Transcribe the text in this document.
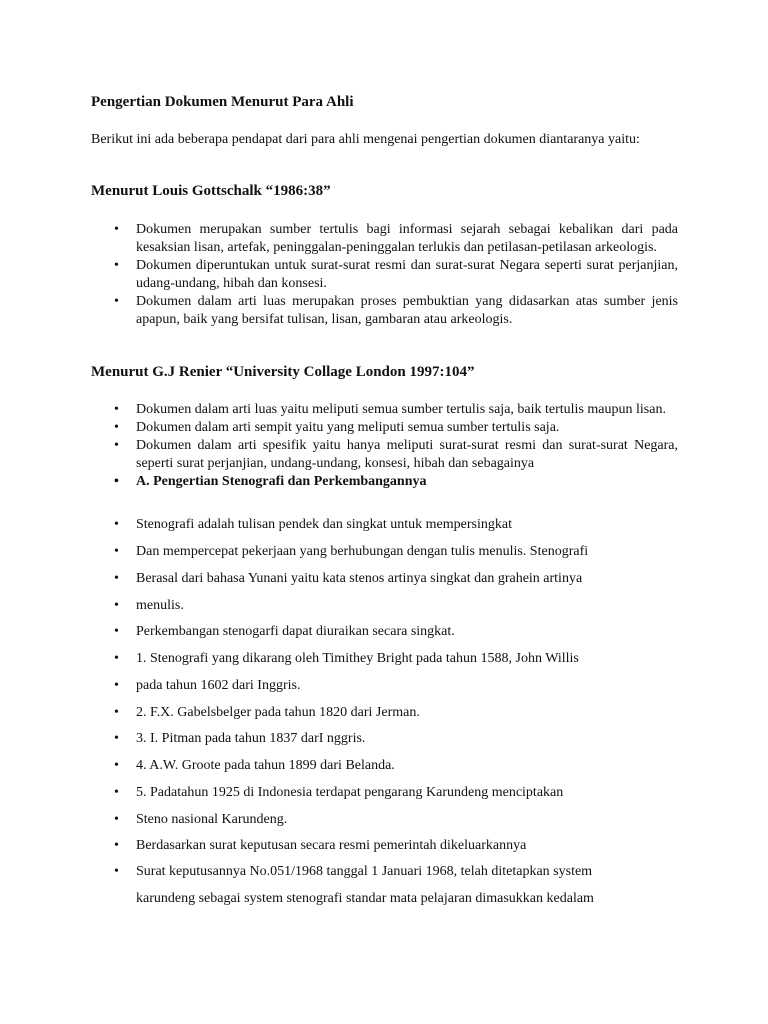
Pengertian Dokumen Menurut Para Ahli

Berikut ini ada beberapa pendapat dari para ahli mengenai pengertian dokumen diantaranya yaitu:

Menurut Louis Gottschalk “1986:38”
• Dokumen merupakan sumber tertulis bagi informasi sejarah sebagai kebalikan dari pada kesaksian lisan, artefak, peninggalan-peninggalan terlukis dan petilasan-petilasan arkeologis.
• Dokumen diperuntukan untuk surat-surat resmi dan surat-surat Negara seperti surat perjanjian, udang-undang, hibah dan konsesi.
• Dokumen dalam arti luas merupakan proses pembuktian yang didasarkan atas sumber jenis apapun, baik yang bersifat tulisan, lisan, gambaran atau arkeologis.
Menurut G.J Renier “University Collage London 1997:104”
• Dokumen dalam arti luas yaitu meliputi semua sumber tertulis saja, baik tertulis maupun lisan.
• Dokumen dalam arti sempit yaitu yang meliputi semua sumber tertulis saja.
• Dokumen dalam arti spesifik yaitu hanya meliputi surat-surat resmi dan surat-surat Negara, seperti surat perjanjian, undang-undang, konsesi, hibah dan sebagainya
• A. Pengertian Stenografi dan Perkembangannya
• Stenografi adalah tulisan pendek dan singkat untuk mempersingkat
• Dan mempercepat pekerjaan yang berhubungan dengan tulis menulis. Stenografi
• Berasal dari bahasa Yunani yaitu kata stenos artinya singkat dan grahein artinya
• menulis.
• Perkembangan stenogarfi dapat diuraikan secara singkat.
• 1. Stenografi yang dikarang oleh Timithey Bright pada tahun 1588, John Willis
• pada tahun 1602 dari Inggris.
• 2. F.X. Gabelsbelger pada tahun 1820 dari Jerman.
• 3. I. Pitman pada tahun 1837 darI nggris.
• 4. A.W. Groote pada tahun 1899 dari Belanda.
• 5. Padatahun 1925 di Indonesia terdapat pengarang Karundeng menciptakan
• Steno nasional Karundeng.
• Berdasarkan surat keputusan secara resmi pemerintah dikeluarkannya
• Surat keputusannya No.051/1968 tanggal 1 Januari 1968, telah ditetapkan system
karundeng sebagai system stenografi standar mata pelajaran dimasukkan kedalam
